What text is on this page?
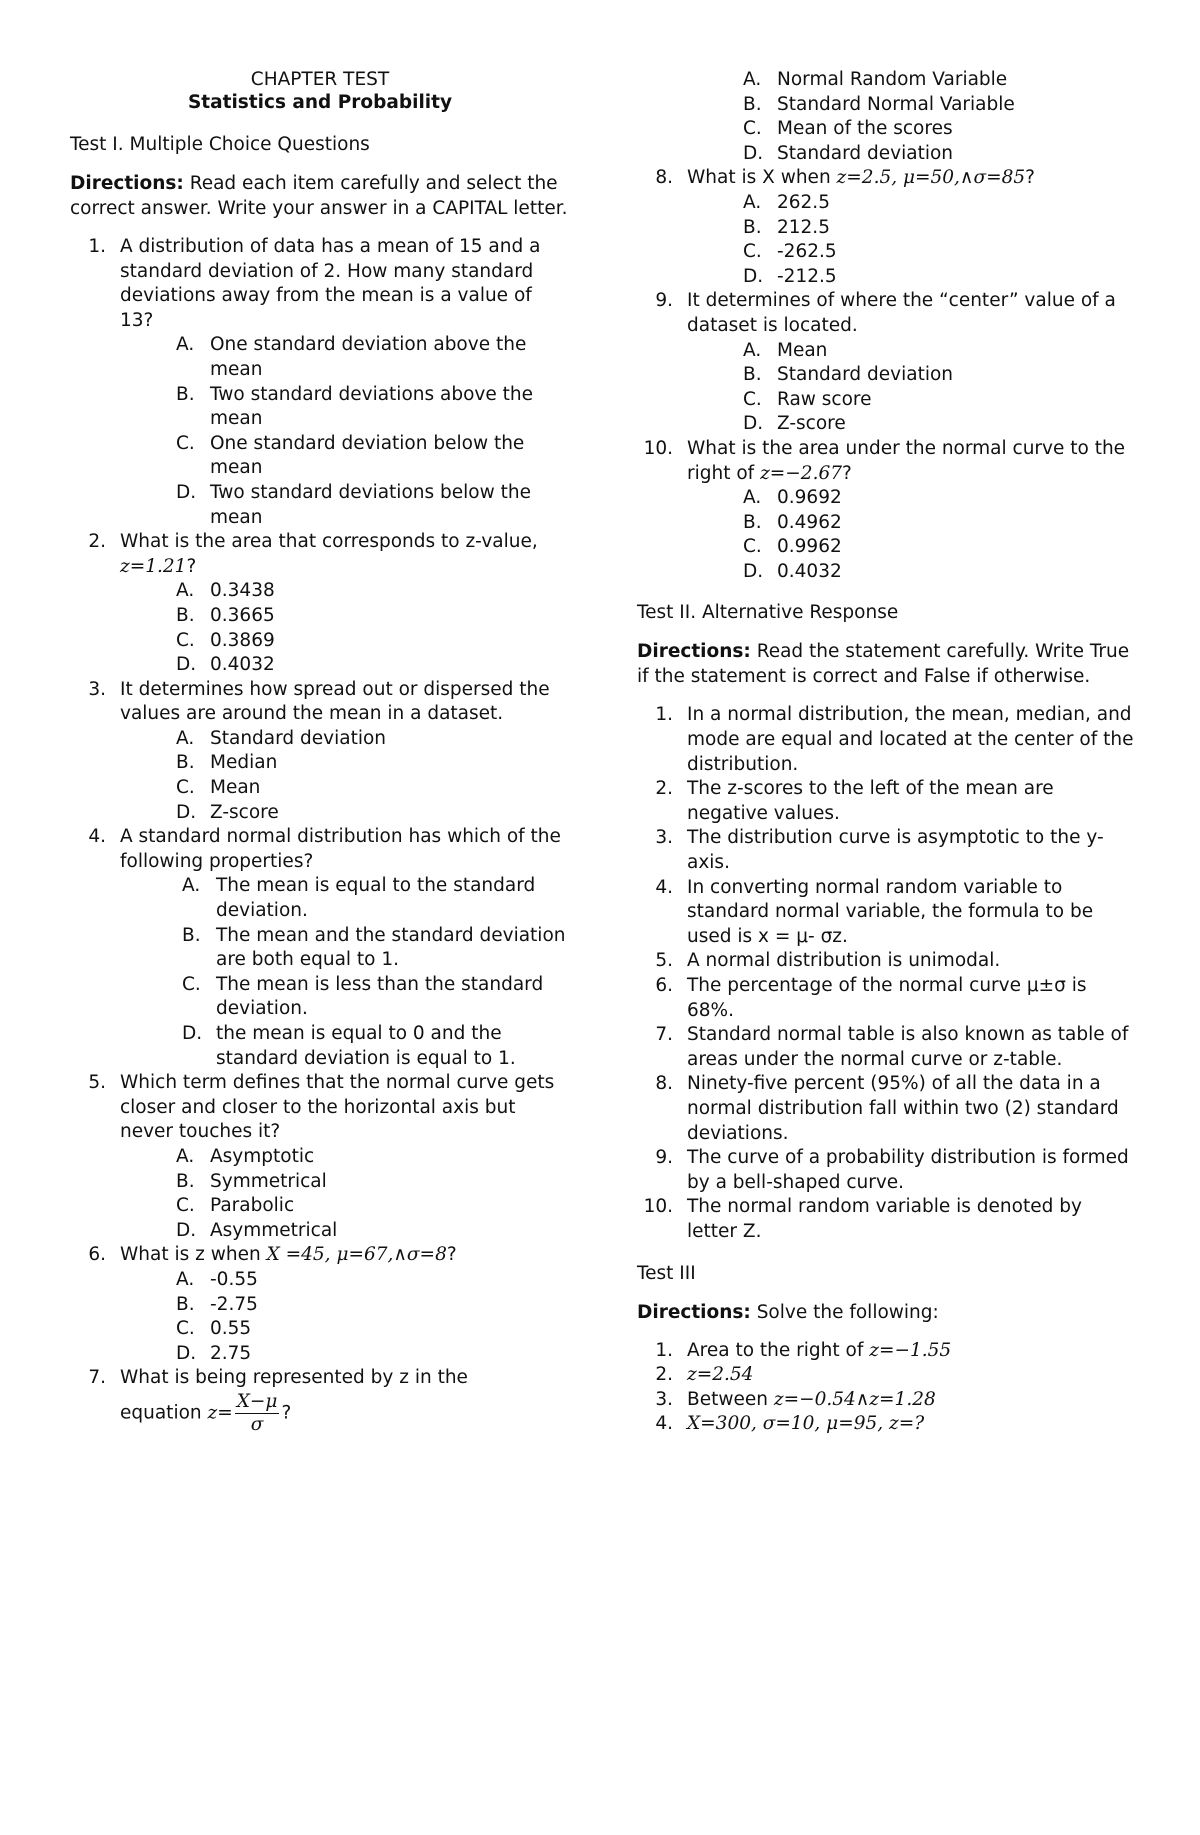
CHAPTER TEST
Statistics and Probability

Test I. Multiple Choice Questions

Directions: Read each item carefully and select the correct answer. Write your answer in a CAPITAL letter.

1. A distribution of data has a mean of 15 and a standard deviation of 2. How many standard deviations away from the mean is a value of 13?
A. One standard deviation above the mean
B. Two standard deviations above the mean
C. One standard deviation below the mean
D. Two standard deviations below the mean
2. What is the area that corresponds to z-value, z=1.21?
A. 0.3438
B. 0.3665
C. 0.3869
D. 0.4032
3. It determines how spread out or dispersed the values are around the mean in a dataset.
A. Standard deviation
B. Median
C. Mean
D. Z-score
4. A standard normal distribution has which of the following properties?
A. The mean is equal to the standard deviation.
B. The mean and the standard deviation are both equal to 1.
C. The mean is less than the standard deviation.
D. the mean is equal to 0 and the standard deviation is equal to 1.
5. Which term defines that the normal curve gets closer and closer to the horizontal axis but never touches it?
A. Asymptotic
B. Symmetrical
C. Parabolic
D. Asymmetrical
6. What is z when X =45, μ=67,∧σ=8?
A. -0.55
B. -2.75
C. 0.55
D. 2.75
7. What is being represented by z in the
equation $z= \frac{X-\mu}{\sigma}$ ?
A. Normal Random Variable
B. Standard Normal Variable
C. Mean of the scores
D. Standard deviation
8. What is X when z=2.5, μ=50,∧σ=85?
A. 262.5
B. 212.5
C. -262.5
D. -212.5
9. It determines of where the “center” value of a dataset is located.
A. Mean
B. Standard deviation
C. Raw score
D. Z-score
10. What is the area under the normal curve to the right of z=−2.67?
A. 0.9692
B. 0.4962
C. 0.9962
D. 0.4032

Test II. Alternative Response

Directions: Read the statement carefully. Write True if the statement is correct and False if otherwise.

1. In a normal distribution, the mean, median, and mode are equal and located at the center of the distribution.
2. The z-scores to the left of the mean are negative values.
3. The distribution curve is asymptotic to the y-axis.
4. In converting normal random variable to standard normal variable, the formula to be used is x = μ- σz.
5. A normal distribution is unimodal.
6. The percentage of the normal curve μ±σ is 68%.
7. Standard normal table is also known as table of areas under the normal curve or z-table.
8. Ninety-five percent (95%) of all the data in a normal distribution fall within two (2) standard deviations.
9. The curve of a probability distribution is formed by a bell-shaped curve.
10. The normal random variable is denoted by letter Z.

Test III

Directions: Solve the following:

1. Area to the right of z=−1.55
2. z=2.54
3. Between z=−0.54∧z=1.28
4. X=300, σ=10, μ=95, z=?
